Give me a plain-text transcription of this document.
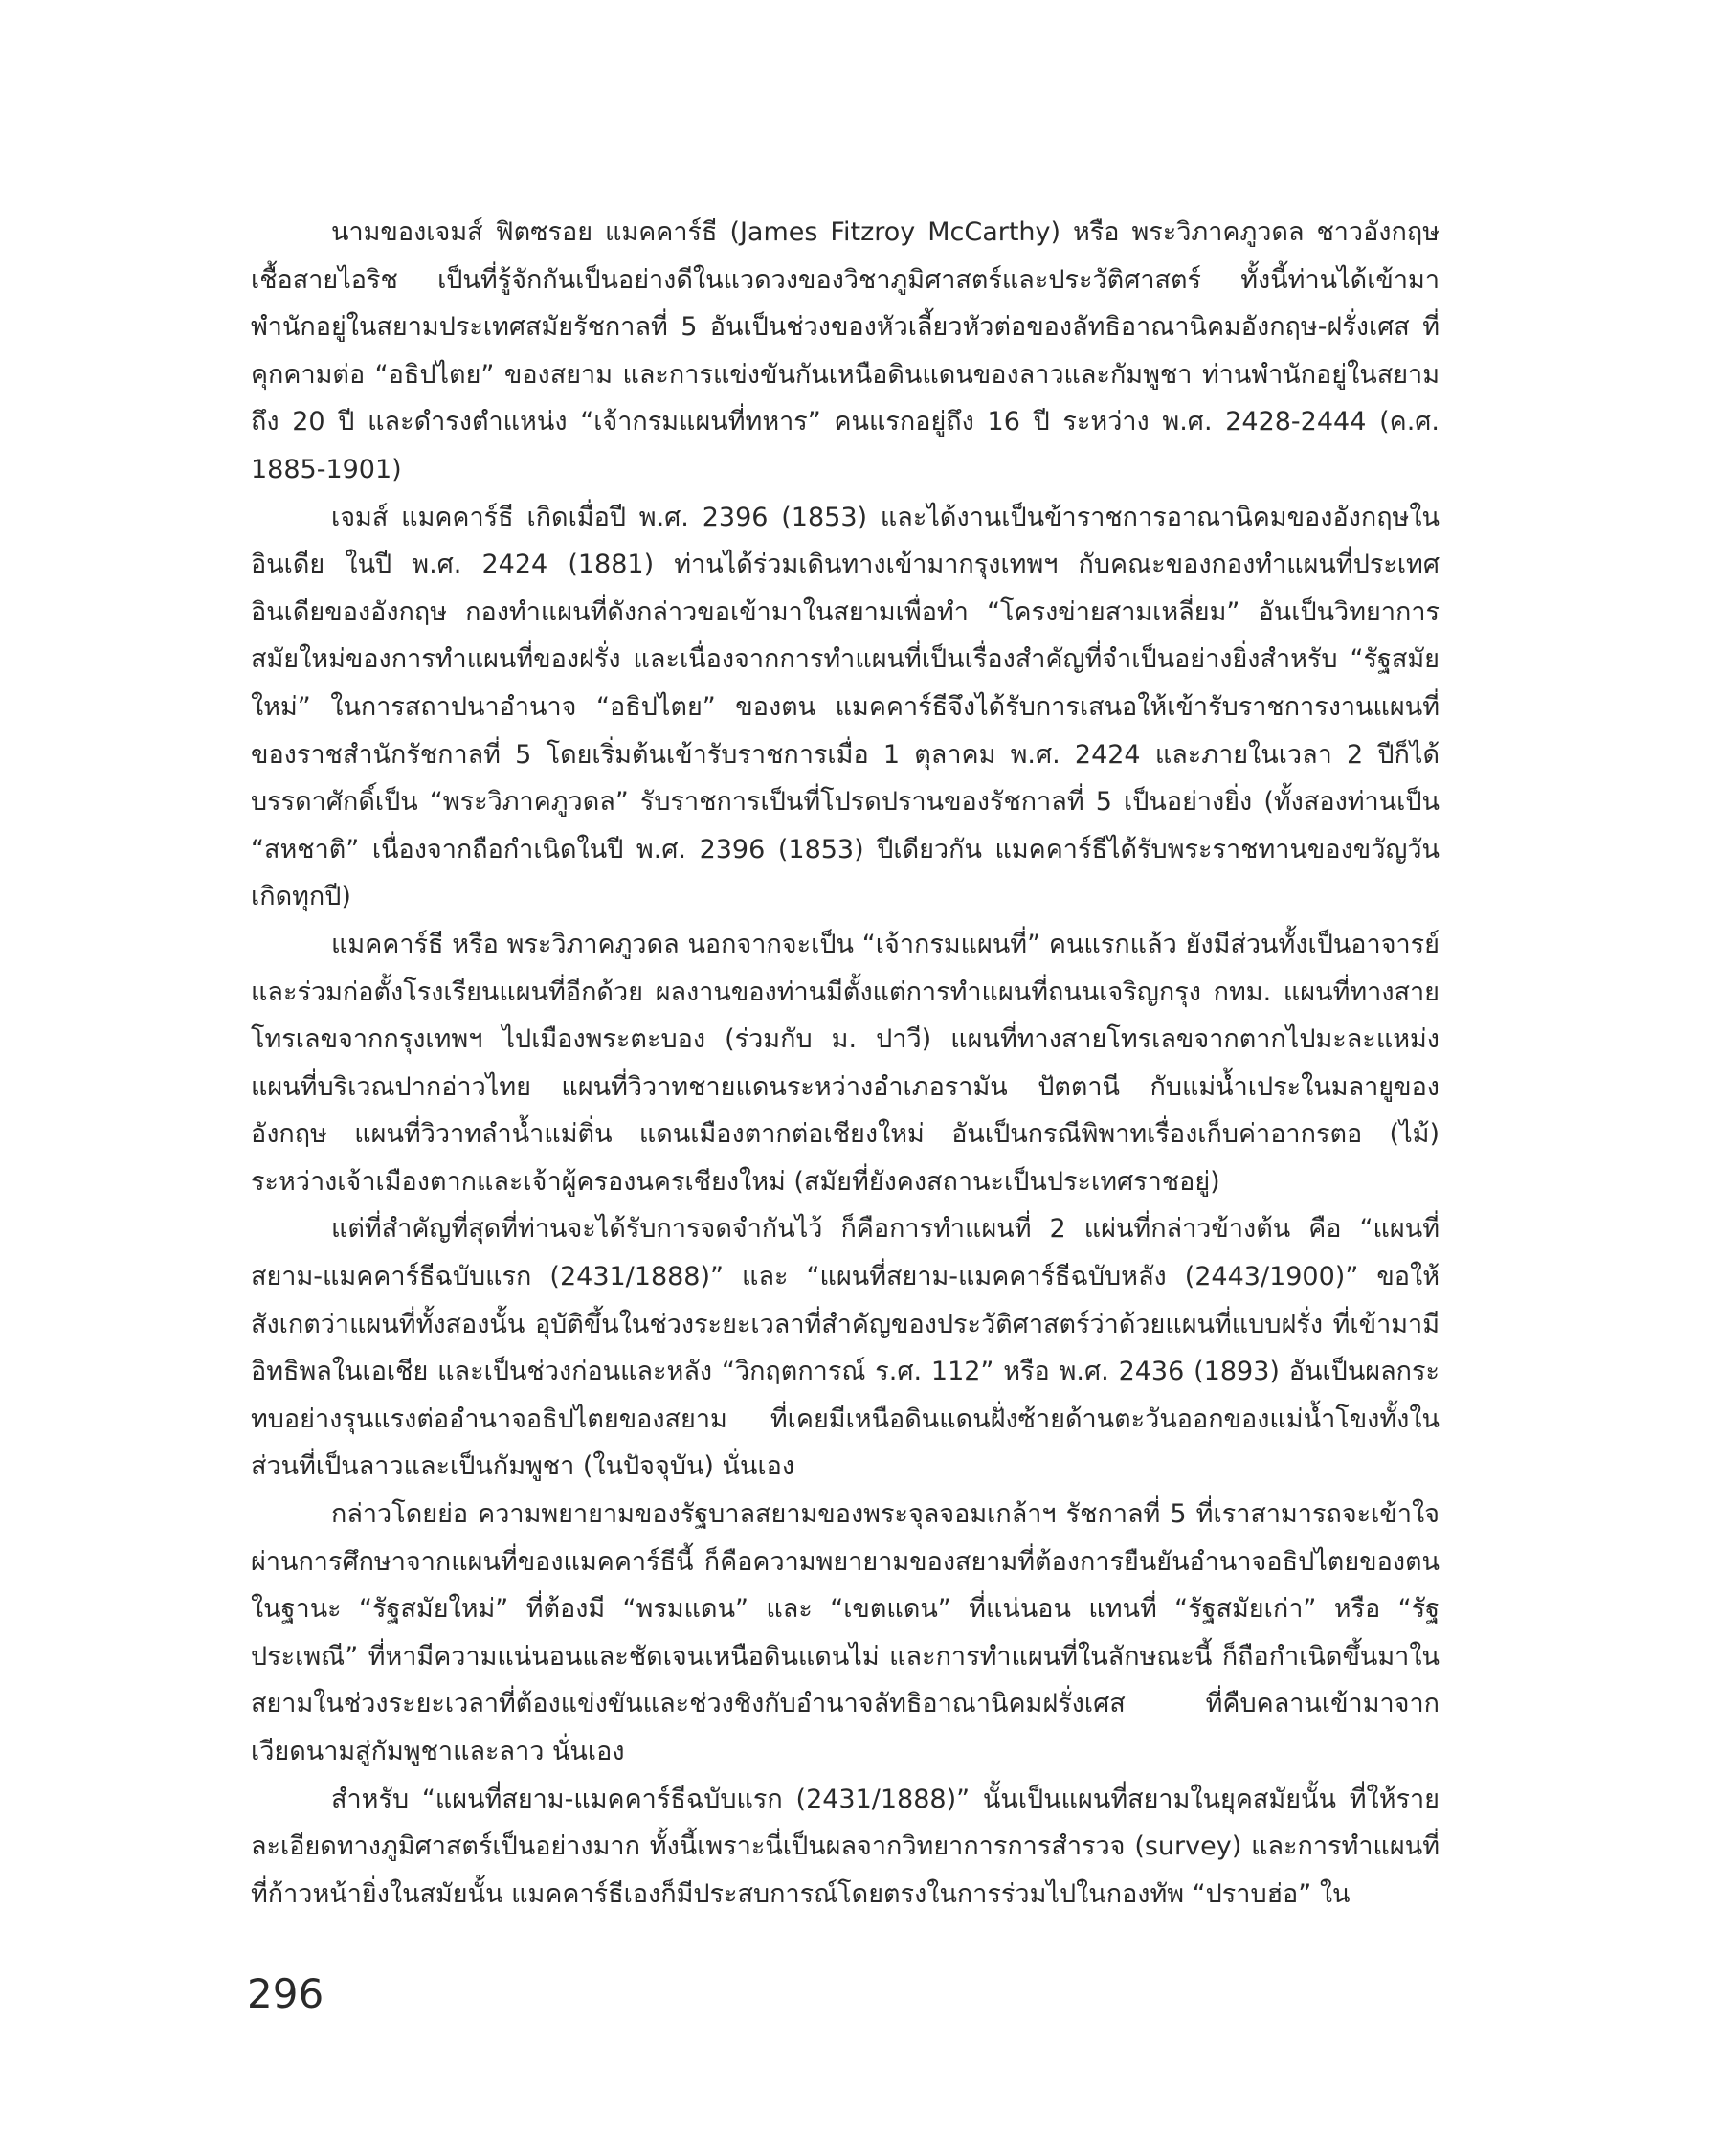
นามของเจมส์ ฟิตซรอย แมคคาร์ธี (James Fitzroy McCarthy) หรือ พระวิภาคภูวดล ชาวอังกฤษเชื้อสายไอริช เป็นที่รู้จักกันเป็นอย่างดีในแวดวงของวิชาภูมิศาสตร์และประวัติศาสตร์ ทั้งนี้ท่านได้เข้ามาพำนักอยู่ในสยามประเทศสมัยรัชกาลที่ 5 อันเป็นช่วงของหัวเลี้ยวหัวต่อของลัทธิอาณานิคมอังกฤษ-ฝรั่งเศส ที่คุกคามต่อ “อธิปไตย” ของสยาม และการแข่งขันกันเหนือดินแดนของลาวและกัมพูชา ท่านพำนักอยู่ในสยามถึง 20 ปี และดำรงตำแหน่ง “เจ้ากรมแผนที่ทหาร” คนแรกอยู่ถึง 16 ปี ระหว่าง พ.ศ. 2428-2444 (ค.ศ. 1885-1901)

เจมส์ แมคคาร์ธี เกิดเมื่อปี พ.ศ. 2396 (1853) และได้งานเป็นข้าราชการอาณานิคมของอังกฤษในอินเดีย ในปี พ.ศ. 2424 (1881) ท่านได้ร่วมเดินทางเข้ามากรุงเทพฯ กับคณะของกองทำแผนที่ประเทศอินเดียของอังกฤษ กองทำแผนที่ดังกล่าวขอเข้ามาในสยามเพื่อทำ “โครงข่ายสามเหลี่ยม” อันเป็นวิทยาการสมัยใหม่ของการทำแผนที่ของฝรั่ง และเนื่องจากการทำแผนที่เป็นเรื่องสำคัญที่จำเป็นอย่างยิ่งสำหรับ “รัฐสมัยใหม่” ในการสถาปนาอำนาจ “อธิปไตย” ของตน แมคคาร์ธีจึงได้รับการเสนอให้เข้ารับราชการงานแผนที่ของราชสำนักรัชกาลที่ 5 โดยเริ่มต้นเข้ารับราชการเมื่อ 1 ตุลาคม พ.ศ. 2424 และภายในเวลา 2 ปีก็ได้บรรดาศักดิ์เป็น “พระวิภาคภูวดล” รับราชการเป็นที่โปรดปรานของรัชกาลที่ 5 เป็นอย่างยิ่ง (ทั้งสองท่านเป็น “สหชาติ” เนื่องจากถือกำเนิดในปี พ.ศ. 2396 (1853) ปีเดียวกัน แมคคาร์ธีได้รับพระราชทานของขวัญวันเกิดทุกปี)

แมคคาร์ธี หรือ พระวิภาคภูวดล นอกจากจะเป็น “เจ้ากรมแผนที่” คนแรกแล้ว ยังมีส่วนทั้งเป็นอาจารย์และร่วมก่อตั้งโรงเรียนแผนที่อีกด้วย ผลงานของท่านมีตั้งแต่การทำแผนที่ถนนเจริญกรุง กทม. แผนที่ทางสายโทรเลขจากกรุงเทพฯ ไปเมืองพระตะบอง (ร่วมกับ ม. ปาวี) แผนที่ทางสายโทรเลขจากตากไปมะละแหม่ง แผนที่บริเวณปากอ่าวไทย แผนที่วิวาทชายแดนระหว่างอำเภอรามัน ปัตตานี กับแม่น้ำเประในมลายูของอังกฤษ แผนที่วิวาทลำน้ำแม่ติ่น แดนเมืองตากต่อเชียงใหม่ อันเป็นกรณีพิพาทเรื่องเก็บค่าอากรตอ (ไม้) ระหว่างเจ้าเมืองตากและเจ้าผู้ครองนครเชียงใหม่ (สมัยที่ยังคงสถานะเป็นประเทศราชอยู่)

แต่ที่สำคัญที่สุดที่ท่านจะได้รับการจดจำกันไว้ ก็คือการทำแผนที่ 2 แผ่นที่กล่าวข้างต้น คือ “แผนที่สยาม-แมคคาร์ธีฉบับแรก (2431/1888)” และ “แผนที่สยาม-แมคคาร์ธีฉบับหลัง (2443/1900)” ขอให้สังเกตว่าแผนที่ทั้งสองนั้น อุบัติขึ้นในช่วงระยะเวลาที่สำคัญของประวัติศาสตร์ว่าด้วยแผนที่แบบฝรั่ง ที่เข้ามามีอิทธิพลในเอเชีย และเป็นช่วงก่อนและหลัง “วิกฤตการณ์ ร.ศ. 112” หรือ พ.ศ. 2436 (1893) อันเป็นผลกระทบอย่างรุนแรงต่ออำนาจอธิปไตยของสยาม ที่เคยมีเหนือดินแดนฝั่งซ้ายด้านตะวันออกของแม่น้ำโขงทั้งในส่วนที่เป็นลาวและเป็นกัมพูชา (ในปัจจุบัน) นั่นเอง

กล่าวโดยย่อ ความพยายามของรัฐบาลสยามของพระจุลจอมเกล้าฯ รัชกาลที่ 5 ที่เราสามารถจะเข้าใจผ่านการศึกษาจากแผนที่ของแมคคาร์ธีนี้ ก็คือความพยายามของสยามที่ต้องการยืนยันอำนาจอธิปไตยของตนในฐานะ “รัฐสมัยใหม่” ที่ต้องมี “พรมแดน” และ “เขตแดน” ที่แน่นอน แทนที่ “รัฐสมัยเก่า” หรือ “รัฐประเพณี” ที่หามีความแน่นอนและชัดเจนเหนือดินแดนไม่ และการทำแผนที่ในลักษณะนี้ ก็ถือกำเนิดขึ้นมาในสยามในช่วงระยะเวลาที่ต้องแข่งขันและช่วงชิงกับอำนาจลัทธิอาณานิคมฝรั่งเศส ที่คืบคลานเข้ามาจากเวียดนามสู่กัมพูชาและลาว นั่นเอง

สำหรับ “แผนที่สยาม-แมคคาร์ธีฉบับแรก (2431/1888)” นั้นเป็นแผนที่สยามในยุคสมัยนั้น ที่ให้รายละเอียดทางภูมิศาสตร์เป็นอย่างมาก ทั้งนี้เพราะนี่เป็นผลจากวิทยาการการสำรวจ (survey) และการทำแผนที่ที่ก้าวหน้ายิ่งในสมัยนั้น แมคคาร์ธีเองก็มีประสบการณ์โดยตรงในการร่วมไปในกองทัพ “ปราบฮ่อ” ใน

296
